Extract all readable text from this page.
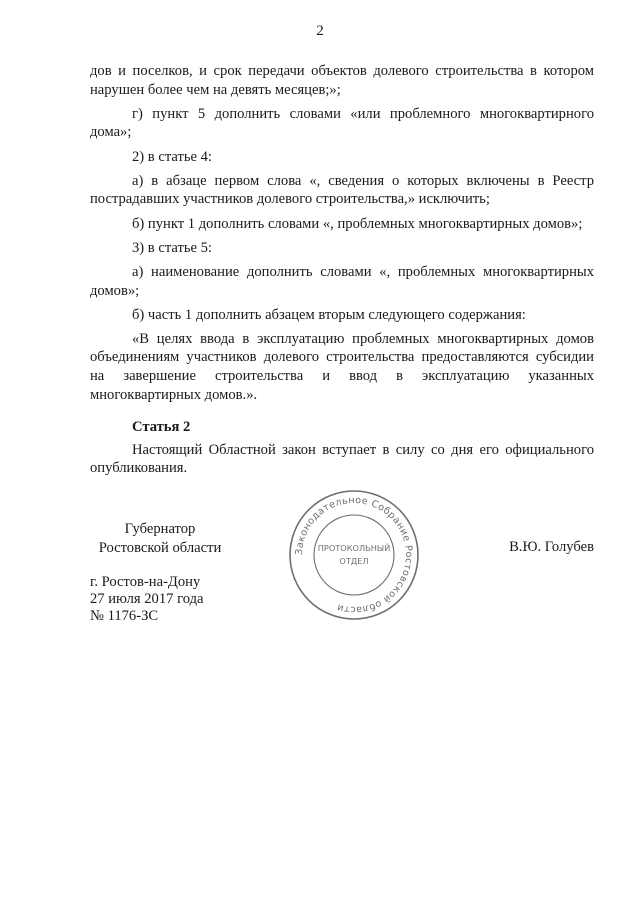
2

дов и поселков, и срок передачи объектов долевого строительства в котором нарушен более чем на девять месяцев;»;

г) пункт 5 дополнить словами «или проблемного многоквартирного дома»;

2) в статье 4:

а) в абзаце первом слова «, сведения о которых включены в Реестр пострадавших участников долевого строительства,» исключить;

б) пункт 1 дополнить словами «, проблемных многоквартирных домов»;

3) в статье 5:

а) наименование дополнить словами «, проблемных многоквартирных домов»;

б) часть 1 дополнить абзацем вторым следующего содержания:

«В целях ввода в эксплуатацию проблемных многоквартирных домов объединениям участников долевого строительства предоставляются субсидии на завершение строительства и ввод в эксплуатацию указанных многоквартирных домов.».

Статья 2

Настоящий Областной закон вступает в силу со дня его официального опубликования.

Губернатор
Ростовской области	Законодательное Собрание Ростовской области
ПРОТОКОЛЬНЫЙ
ОТДЕЛ
В.Ю. Голубев
г. Ростов-на-Дону
27 июля 2017 года
№ 1176-ЗС
